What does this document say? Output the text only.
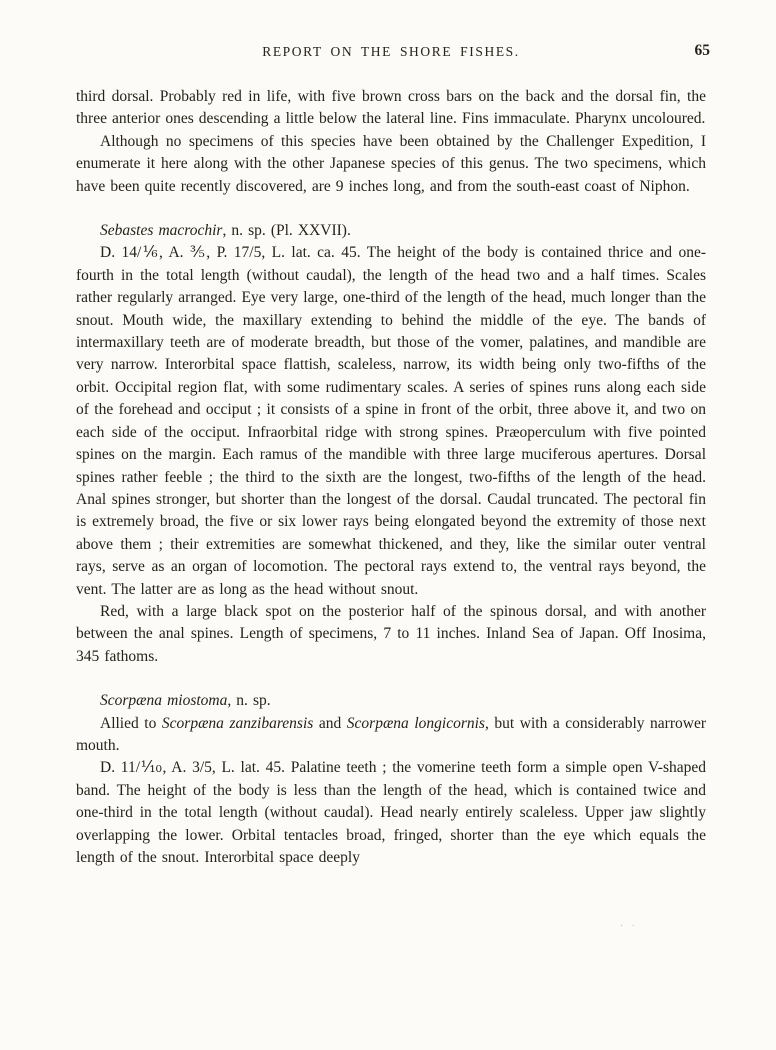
REPORT ON THE SHORE FISHES.	65

third dorsal. Probably red in life, with five brown cross bars on the back and the dorsal fin, the three anterior ones descending a little below the lateral line. Fins immaculate. Pharynx uncoloured.

Although no specimens of this species have been obtained by the Challenger Expedition, I enumerate it here along with the other Japanese species of this genus. The two specimens, which have been quite recently discovered, are 9 inches long, and from the south-east coast of Niphon.

Sebastes macrochir, n. sp. (Pl. XXVII).

D. 14/⅙, A. ⅗, P. 17/5, L. lat. ca. 45. The height of the body is contained thrice and one-fourth in the total length (without caudal), the length of the head two and a half times. Scales rather regularly arranged. Eye very large, one-third of the length of the head, much longer than the snout. Mouth wide, the maxillary extending to behind the middle of the eye. The bands of intermaxillary teeth are of moderate breadth, but those of the vomer, palatines, and mandible are very narrow. Interorbital space flattish, scaleless, narrow, its width being only two-fifths of the orbit. Occipital region flat, with some rudimentary scales. A series of spines runs along each side of the forehead and occiput ; it consists of a spine in front of the orbit, three above it, and two on each side of the occiput. Infraorbital ridge with strong spines. Præoperculum with five pointed spines on the margin. Each ramus of the mandible with three large muciferous apertures. Dorsal spines rather feeble ; the third to the sixth are the longest, two-fifths of the length of the head. Anal spines stronger, but shorter than the longest of the dorsal. Caudal truncated. The pectoral fin is extremely broad, the five or six lower rays being elongated beyond the extremity of those next above them ; their extremities are somewhat thickened, and they, like the similar outer ventral rays, serve as an organ of locomotion. The pectoral rays extend to, the ventral rays beyond, the vent. The latter are as long as the head without snout.

Red, with a large black spot on the posterior half of the spinous dorsal, and with another between the anal spines. Length of specimens, 7 to 11 inches. Inland Sea of Japan. Off Inosima, 345 fathoms.

Scorpæna miostoma, n. sp.

Allied to Scorpæna zanzibarensis and Scorpæna longicornis, but with a considerably narrower mouth.

D. 11/⅒, A. 3/5, L. lat. 45. Palatine teeth ; the vomerine teeth form a simple open V-shaped band. The height of the body is less than the length of the head, which is contained twice and one-third in the total length (without caudal). Head nearly entirely scaleless. Upper jaw slightly overlapping the lower. Orbital tentacles broad, fringed, shorter than the eye which equals the length of the snout. Interorbital space deeply

· ·
